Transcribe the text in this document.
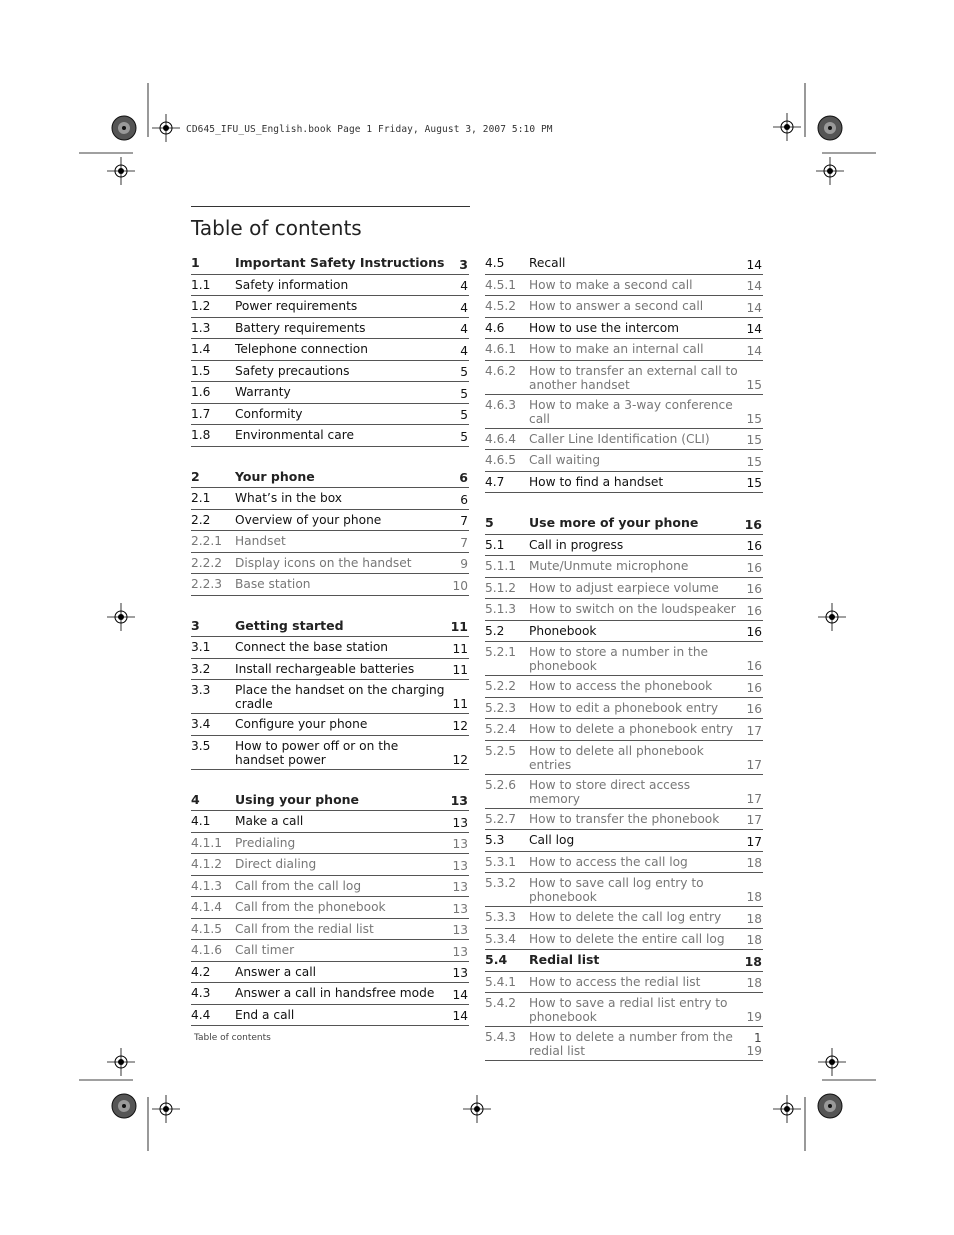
CD645_IFU_US_English.book Page 1 Friday, August 3, 2007 5:10 PM
Table of contents
1	Important Safety Instructions 3
1.1 Safety information	4
1.2 Power requirements	4
1.3 Battery requirements	4
1.4 Telephone connection	4
1.5 Safety precautions	5
1.6 Warranty	5
1.7 Conformity	5
1.8 Environmental care	5
2	Your phone	6
2.1 What’s in the box	6
2.2 Overview of your phone	7
2.2.1 Handset	7
2.2.2 Display icons on the handset	9
2.2.3 Base station	10
3	Getting started	11
3.1 Connect the base station	11
3.2 Install rechargeable batteries	11
3.3 Place the handset on the charging cradle	11
3.4 Configure your phone	12
3.5 How to power off or on the handset power	12
4	Using your phone	13
4.1 Make a call	13
4.1.1 Predialing	13
4.1.2 Direct dialing	13
4.1.3 Call from the call log	13
4.1.4 Call from the phonebook	13
4.1.5 Call from the redial list	13
4.1.6 Call timer	13
4.2 Answer a call	13
4.3 Answer a call in handsfree mode	14
4.4 End a call	14
4.5 Recall	14
4.5.1 How to make a second call	14
4.5.2 How to answer a second call	14
4.6 How to use the intercom	14
4.6.1 How to make an internal call	14
4.6.2 How to transfer an external call to another handset	15
4.6.3 How to make a 3-way conference call	15
4.6.4 Caller Line Identification (CLI)	15
4.6.5 Call waiting	15
4.7 How to find a handset	15
5	Use more of your phone	16
5.1 Call in progress	16
5.1.1 Mute/Unmute microphone	16
5.1.2 How to adjust earpiece volume	16
5.1.3 How to switch on the loudspeaker 16
5.2 Phonebook	16
5.2.1 How to store a number in the phonebook	16
5.2.2 How to access the phonebook	16
5.2.3 How to edit a phonebook entry	16
5.2.4 How to delete a phonebook entry	17
5.2.5 How to delete all phonebook entries	17
5.2.6 How to store direct access memory	17
5.2.7 How to transfer the phonebook	17
5.3 Call log	17
5.3.1 How to access the call log	18
5.3.2 How to save call log entry to phonebook	18
5.3.3 How to delete the call log entry	18
5.3.4 How to delete the entire call log	18
5.4 Redial list	18
5.4.1 How to access the redial list	18
5.4.2 How to save a redial list entry to phonebook	19
5.4.3 How to delete a number from the redial list	19
Table of contents	1
